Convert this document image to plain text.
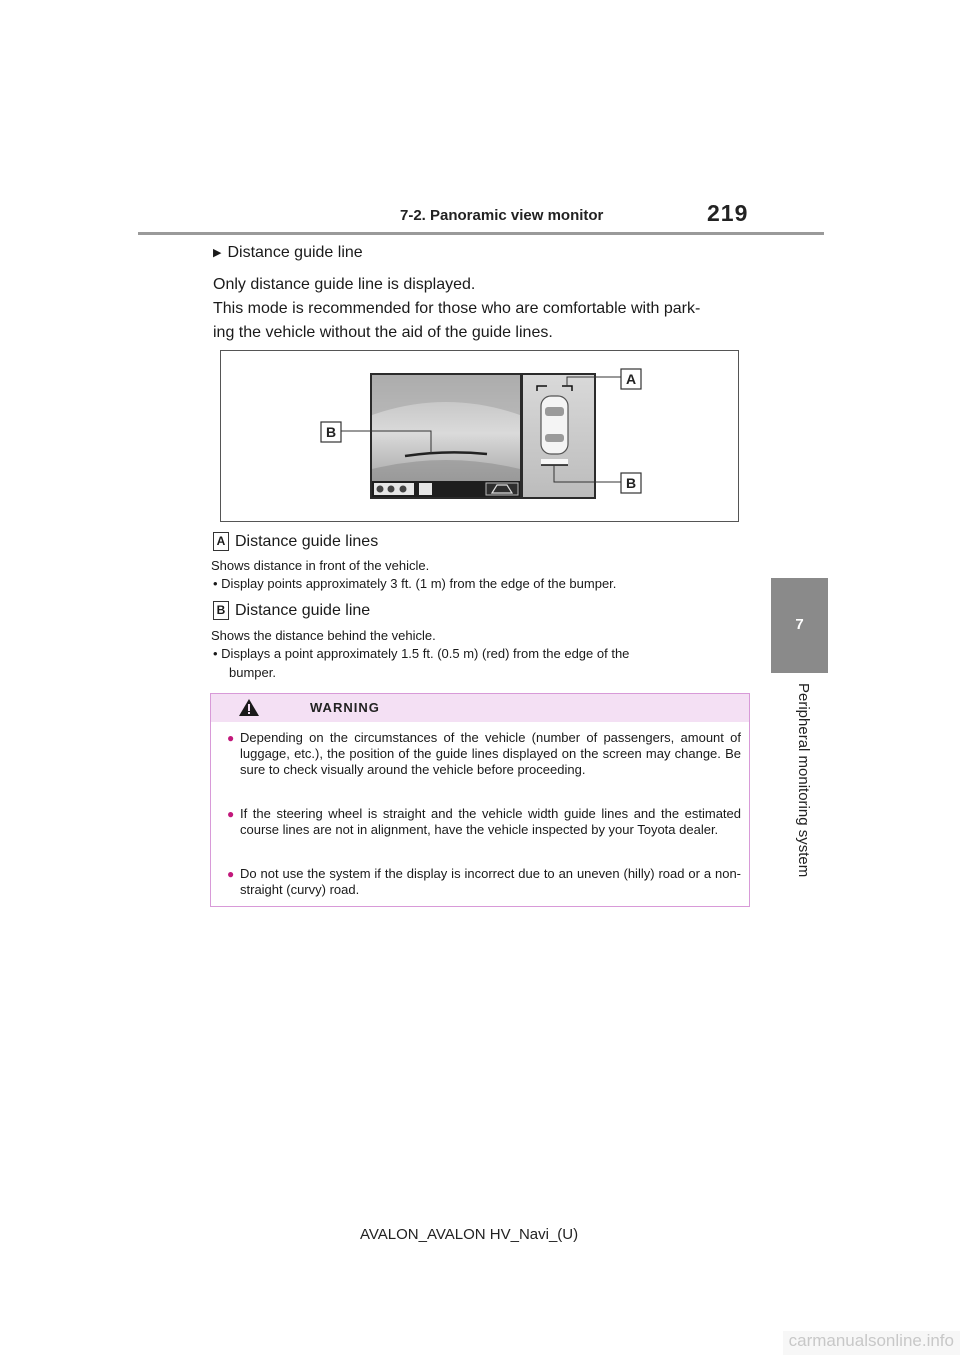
7-2. Panoramic view monitor	219
7
Peripheral monitoring system
▶ Distance guide line
Only distance guide line is displayed.
This mode is recommended for those who are comfortable with park-
ing the vehicle without the aid of the guide lines.
A
B
B
A Distance guide lines
Shows distance in front of the vehicle.
• Display points approximately 3 ft. (1 m) from the edge of the bumper.
B Distance guide line
Shows the distance behind the vehicle.
• Displays a point approximately 1.5 ft. (0.5 m) (red) from the edge of the
bumper.
WARNING
● Depending on the circumstances of the vehicle (number of passengers, amount of luggage, etc.), the position of the guide lines displayed on the screen may change. Be sure to check visually around the vehicle before proceeding.
● If the steering wheel is straight and the vehicle width guide lines and the estimated course lines are not in alignment, have the vehicle inspected by your Toyota dealer.
● Do not use the system if the display is incorrect due to an uneven (hilly) road or a non-straight (curvy) road.
AVALON_AVALON HV_Navi_(U)
carmanualsonline.info
